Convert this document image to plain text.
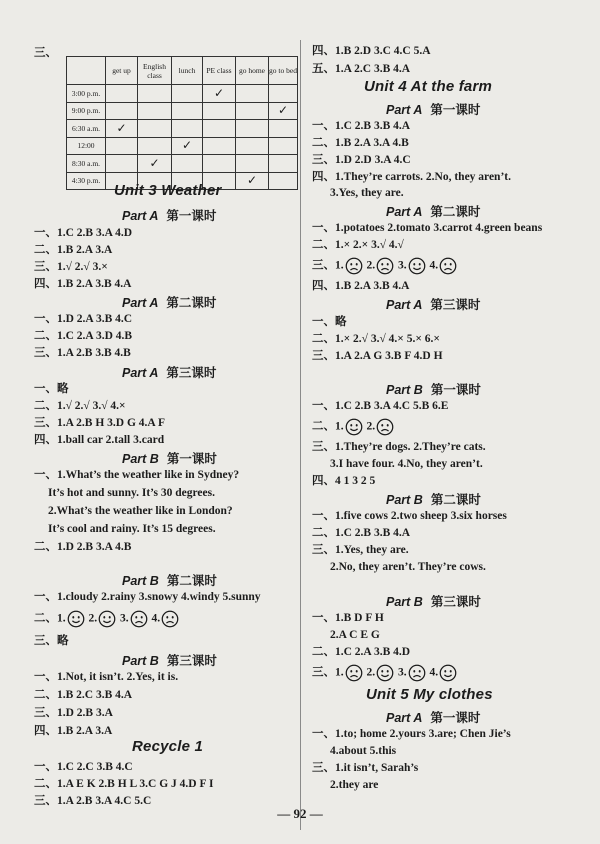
三、
	get up	English class	lunch	PE class	go home	go to bed
3:00 p.m.				✓		
9:00 p.m.						✓
6:30 a.m.	✓					
12:00			✓			
8:30 a.m.		✓				
4:30 p.m.					✓	
Unit 3 Weather
Part A 第一课时
一、1.C 2.B 3.A 4.D
二、1.B 2.A 3.A
三、1.√ 2.√ 3.×
四、1.B 2.A 3.B 4.A
Part A 第二课时
一、1.D 2.A 3.B 4.C
二、1.C 2.A 3.D 4.B
三、1.A 2.B 3.B 4.B
Part A 第三课时
一、略
二、1.√ 2.√ 3.√ 4.×
三、1.A 2.B H 3.D G 4.A F
四、1.ball car 2.tall 3.card
Part B 第一课时
一、1.What’s the weather like in Sydney?
It’s hot and sunny. It’s 30 degrees.
2.What’s the weather like in London?
It’s cool and rainy. It’s 15 degrees.
二、1.D 2.B 3.A 4.B
Part B 第二课时
一、1.cloudy 2.rainy 3.snowy 4.windy 5.sunny
二、1. 2. 3. 4.
三、略
Part B 第三课时
一、1.Not, it isn’t. 2.Yes, it is.
二、1.B 2.C 3.B 4.A
三、1.D 2.B 3.A
四、1.B 2.A 3.A
Recycle 1
一、1.C 2.C 3.B 4.C
二、1.A E K 2.B H L 3.C G J 4.D F I
三、1.A 2.B 3.A 4.C 5.C
四、1.B 2.D 3.C 4.C 5.A
五、1.A 2.C 3.B 4.A
Unit 4 At the farm
Part A 第一课时
一、1.C 2.B 3.B 4.A
二、1.B 2.A 3.A 4.B
三、1.D 2.D 3.A 4.C
四、1.They’re carrots. 2.No, they aren’t.
3.Yes, they are.
Part A 第二课时
一、1.potatoes 2.tomato 3.carrot 4.green beans
二、1.× 2.× 3.√ 4.√
三、1. 2. 3. 4.
四、1.B 2.A 3.B 4.A
Part A 第三课时
一、略
二、1.× 2.√ 3.√ 4.× 5.× 6.×
三、1.A 2.A G 3.B F 4.D H
Part B 第一课时
一、1.C 2.B 3.A 4.C 5.B 6.E
二、1. 2.
三、1.They’re dogs. 2.They’re cats.
3.I have four. 4.No, they aren’t.
四、4 1 3 2 5
Part B 第二课时
一、1.five cows 2.two sheep 3.six horses
二、1.C 2.B 3.B 4.A
三、1.Yes, they are.
2.No, they aren’t. They’re cows.
Part B 第三课时
一、1.B D F H
2.A C E G
二、1.C 2.A 3.B 4.D
三、1. 2. 3. 4.
Unit 5 My clothes
Part A 第一课时
一、1.to; home 2.yours 3.are; Chen Jie’s
4.about 5.this
三、1.it isn’t, Sarah’s
2.they are
— 92 —
